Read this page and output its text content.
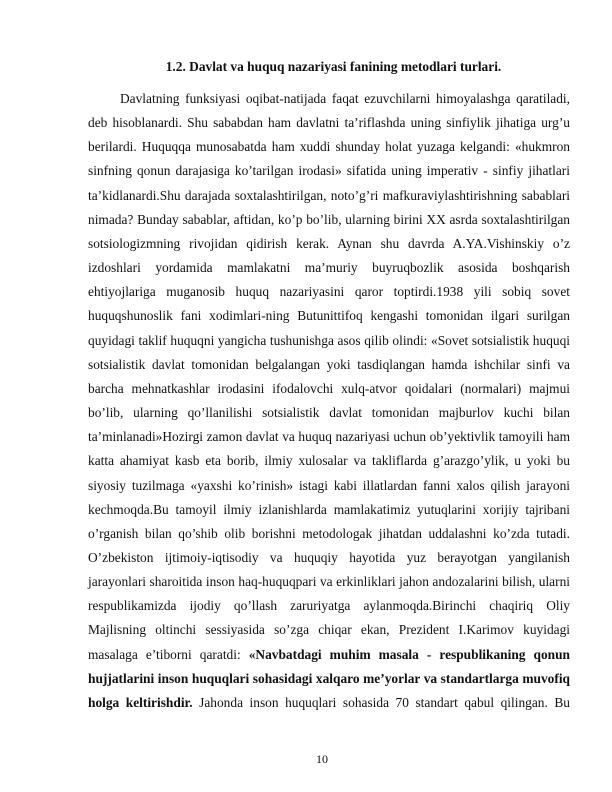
1.2. Davlat va huquq nazariyasi fanining metodlari turlari.
Davlatning funksiyasi oqibat-natijada faqat ezuvchilarni himoyalashga qaratiladi, deb hisoblanardi. Shu sababdan ham davlatni ta’riflashda uning sinfiylik jihatiga urg’u berilardi. Huquqqa munosabatda ham xuddi shunday holat yuzaga kelgandi: «hukmron sinfning qonun darajasiga ko’tarilgan irodasi» sifatida uning imperativ - sinfiy jihatlari ta’kidlanardi.Shu darajada soxtalashtirilgan, noto’g’ri mafkuraviylashtirishning sabablari nimada? Bunday sabablar, aftidan, ko’p bo’lib, ularning birini XX asrda soxtalashtirilgan sotsiologizmning rivojidan qidirish kerak. Aynan shu davrda A.YA.Vishinskiy o’z izdoshlari yordamida mamlakatni ma’muriy buyruqbozlik asosida boshqarish ehtiyojlariga muganosib huquq nazariyasini qaror toptirdi.1938 yili sobiq sovet huquqshunoslik fani xodimlari-ning Butunittifoq kengashi tomonidan ilgari surilgan quyidagi taklif huquqni yangicha tushunishga asos qilib olindi: «Sovet sotsialistik huquqi sotsialistik davlat tomonidan belgalangan yoki tasdiqlangan hamda ishchilar sinfi va barcha mehnatkashlar irodasini ifodalovchi xulq-atvor qoidalari (normalari) majmui bo’lib, ularning qo’llanilishi sotsialistik davlat tomonidan majburlov kuchi bilan ta’minlanadi»Hozirgi zamon davlat va huquq nazariyasi uchun ob’yektivlik tamoyili ham katta ahamiyat kasb eta borib, ilmiy xulosalar va takliflarda g’arazgo’ylik, u yoki bu siyosiy tuzilmaga «yaxshi ko’rinish» istagi kabi illatlardan fanni xalos qilish jarayoni kechmoqda.Bu tamoyil ilmiy izlanishlarda mamlakatimiz yutuqlarini xorijiy tajribani o’rganish bilan qo’shib olib borishni metodologak jihatdan uddalashni ko’zda tutadi. O’zbekiston ijtimoiy-iqtisodiy va huquqiy hayotida yuz berayotgan yangilanish jarayonlari sharoitida inson haq-huquqpari va erkinliklari jahon andozalarini bilish, ularni respublikamizda ijodiy qo’llash zaruriyatga aylanmoqda.Birinchi chaqiriq Oliy Majlisning oltinchi sessiyasida so’zga chiqar ekan, Prezident I.Karimov kuyidagi masalaga e’tiborni qaratdi: «Navbatdagi muhim masala - respublikaning qonun hujjatlarini inson huquqlari sohasidagi xalqaro me’yorlar va standartlarga muvofiq holga keltirishdir. Jahonda inson huquqlari sohasida 70 standart qabul qilingan. Bu
10
